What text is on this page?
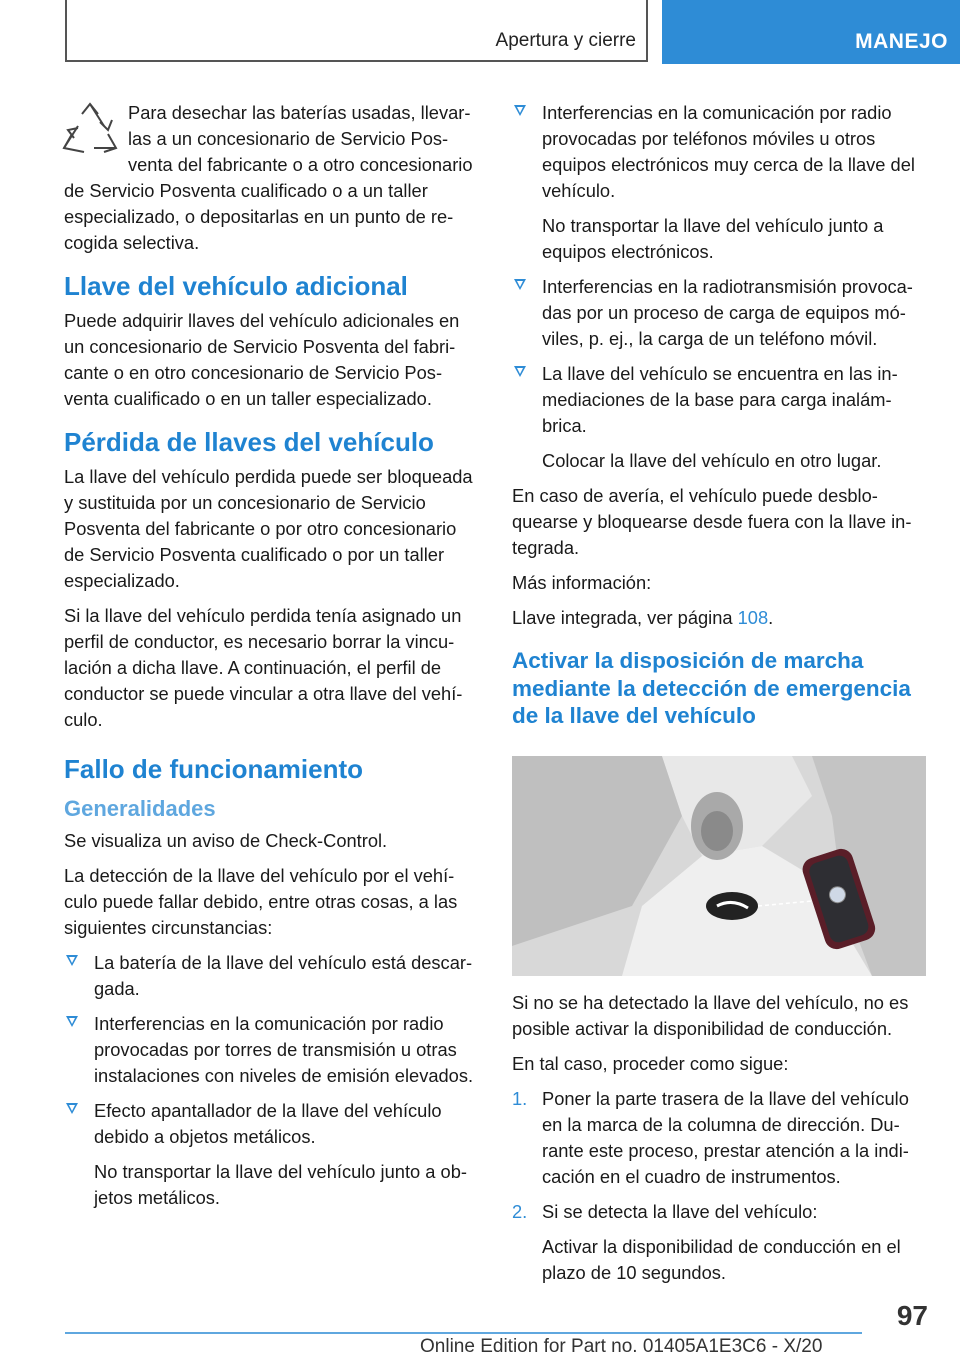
Apertura y cierre	MANEJO

Para desechar las baterías usadas, llevarlas a un concesionario de Servicio Posventa del fabricante o a otro concesionario de Servicio Posventa cualificado o a un taller especializado, o depositarlas en un punto de recogida selectiva.

Llave del vehículo adicional

Puede adquirir llaves del vehículo adicionales en un concesionario de Servicio Posventa del fabricante o en otro concesionario de Servicio Posventa cualificado o en un taller especializado.

Pérdida de llaves del vehículo

La llave del vehículo perdida puede ser bloqueada y sustituida por un concesionario de Servicio Posventa del fabricante o por otro concesionario de Servicio Posventa cualificado o por un taller especializado.

Si la llave del vehículo perdida tenía asignado un perfil de conductor, es necesario borrar la vinculación a dicha llave. A continuación, el perfil de conductor se puede vincular a otra llave del vehículo.

Fallo de funcionamiento
Generalidades

Se visualiza un aviso de Check-Control.

La detección de la llave del vehículo por el vehículo puede fallar debido, entre otras cosas, a las siguientes circunstancias:

La batería de la llave del vehículo está descargada.
Interferencias en la comunicación por radio provocadas por torres de transmisión u otras instalaciones con niveles de emisión elevados.
Efecto apantallador de la llave del vehículo debido a objetos metálicos.
No transportar la llave del vehículo junto a objetos metálicos.
Interferencias en la comunicación por radio provocadas por teléfonos móviles u otros equipos electrónicos muy cerca de la llave del vehículo.
No transportar la llave del vehículo junto a equipos electrónicos.
Interferencias en la radiotransmisión provocadas por un proceso de carga de equipos móviles, p. ej., la carga de un teléfono móvil.
La llave del vehículo se encuentra en las inmediaciones de la base para carga inalámbrica.
Colocar la llave del vehículo en otro lugar.

En caso de avería, el vehículo puede desbloquearse y bloquearse desde fuera con la llave integrada.

Más información:

Llave integrada, ver página 108.

Activar la disposición de marcha mediante la detección de emergencia de la llave del vehículo

Si no se ha detectado la llave del vehículo, no es posible activar la disponibilidad de conducción.

En tal caso, proceder como sigue:

1. Poner la parte trasera de la llave del vehículo en la marca de la columna de dirección. Durante este proceso, prestar atención a la indicación en el cuadro de instrumentos.
2. Si se detecta la llave del vehículo:
Activar la disponibilidad de conducción en el plazo de 10 segundos.
97
Online Edition for Part no. 01405A1E3C6 - X/20
